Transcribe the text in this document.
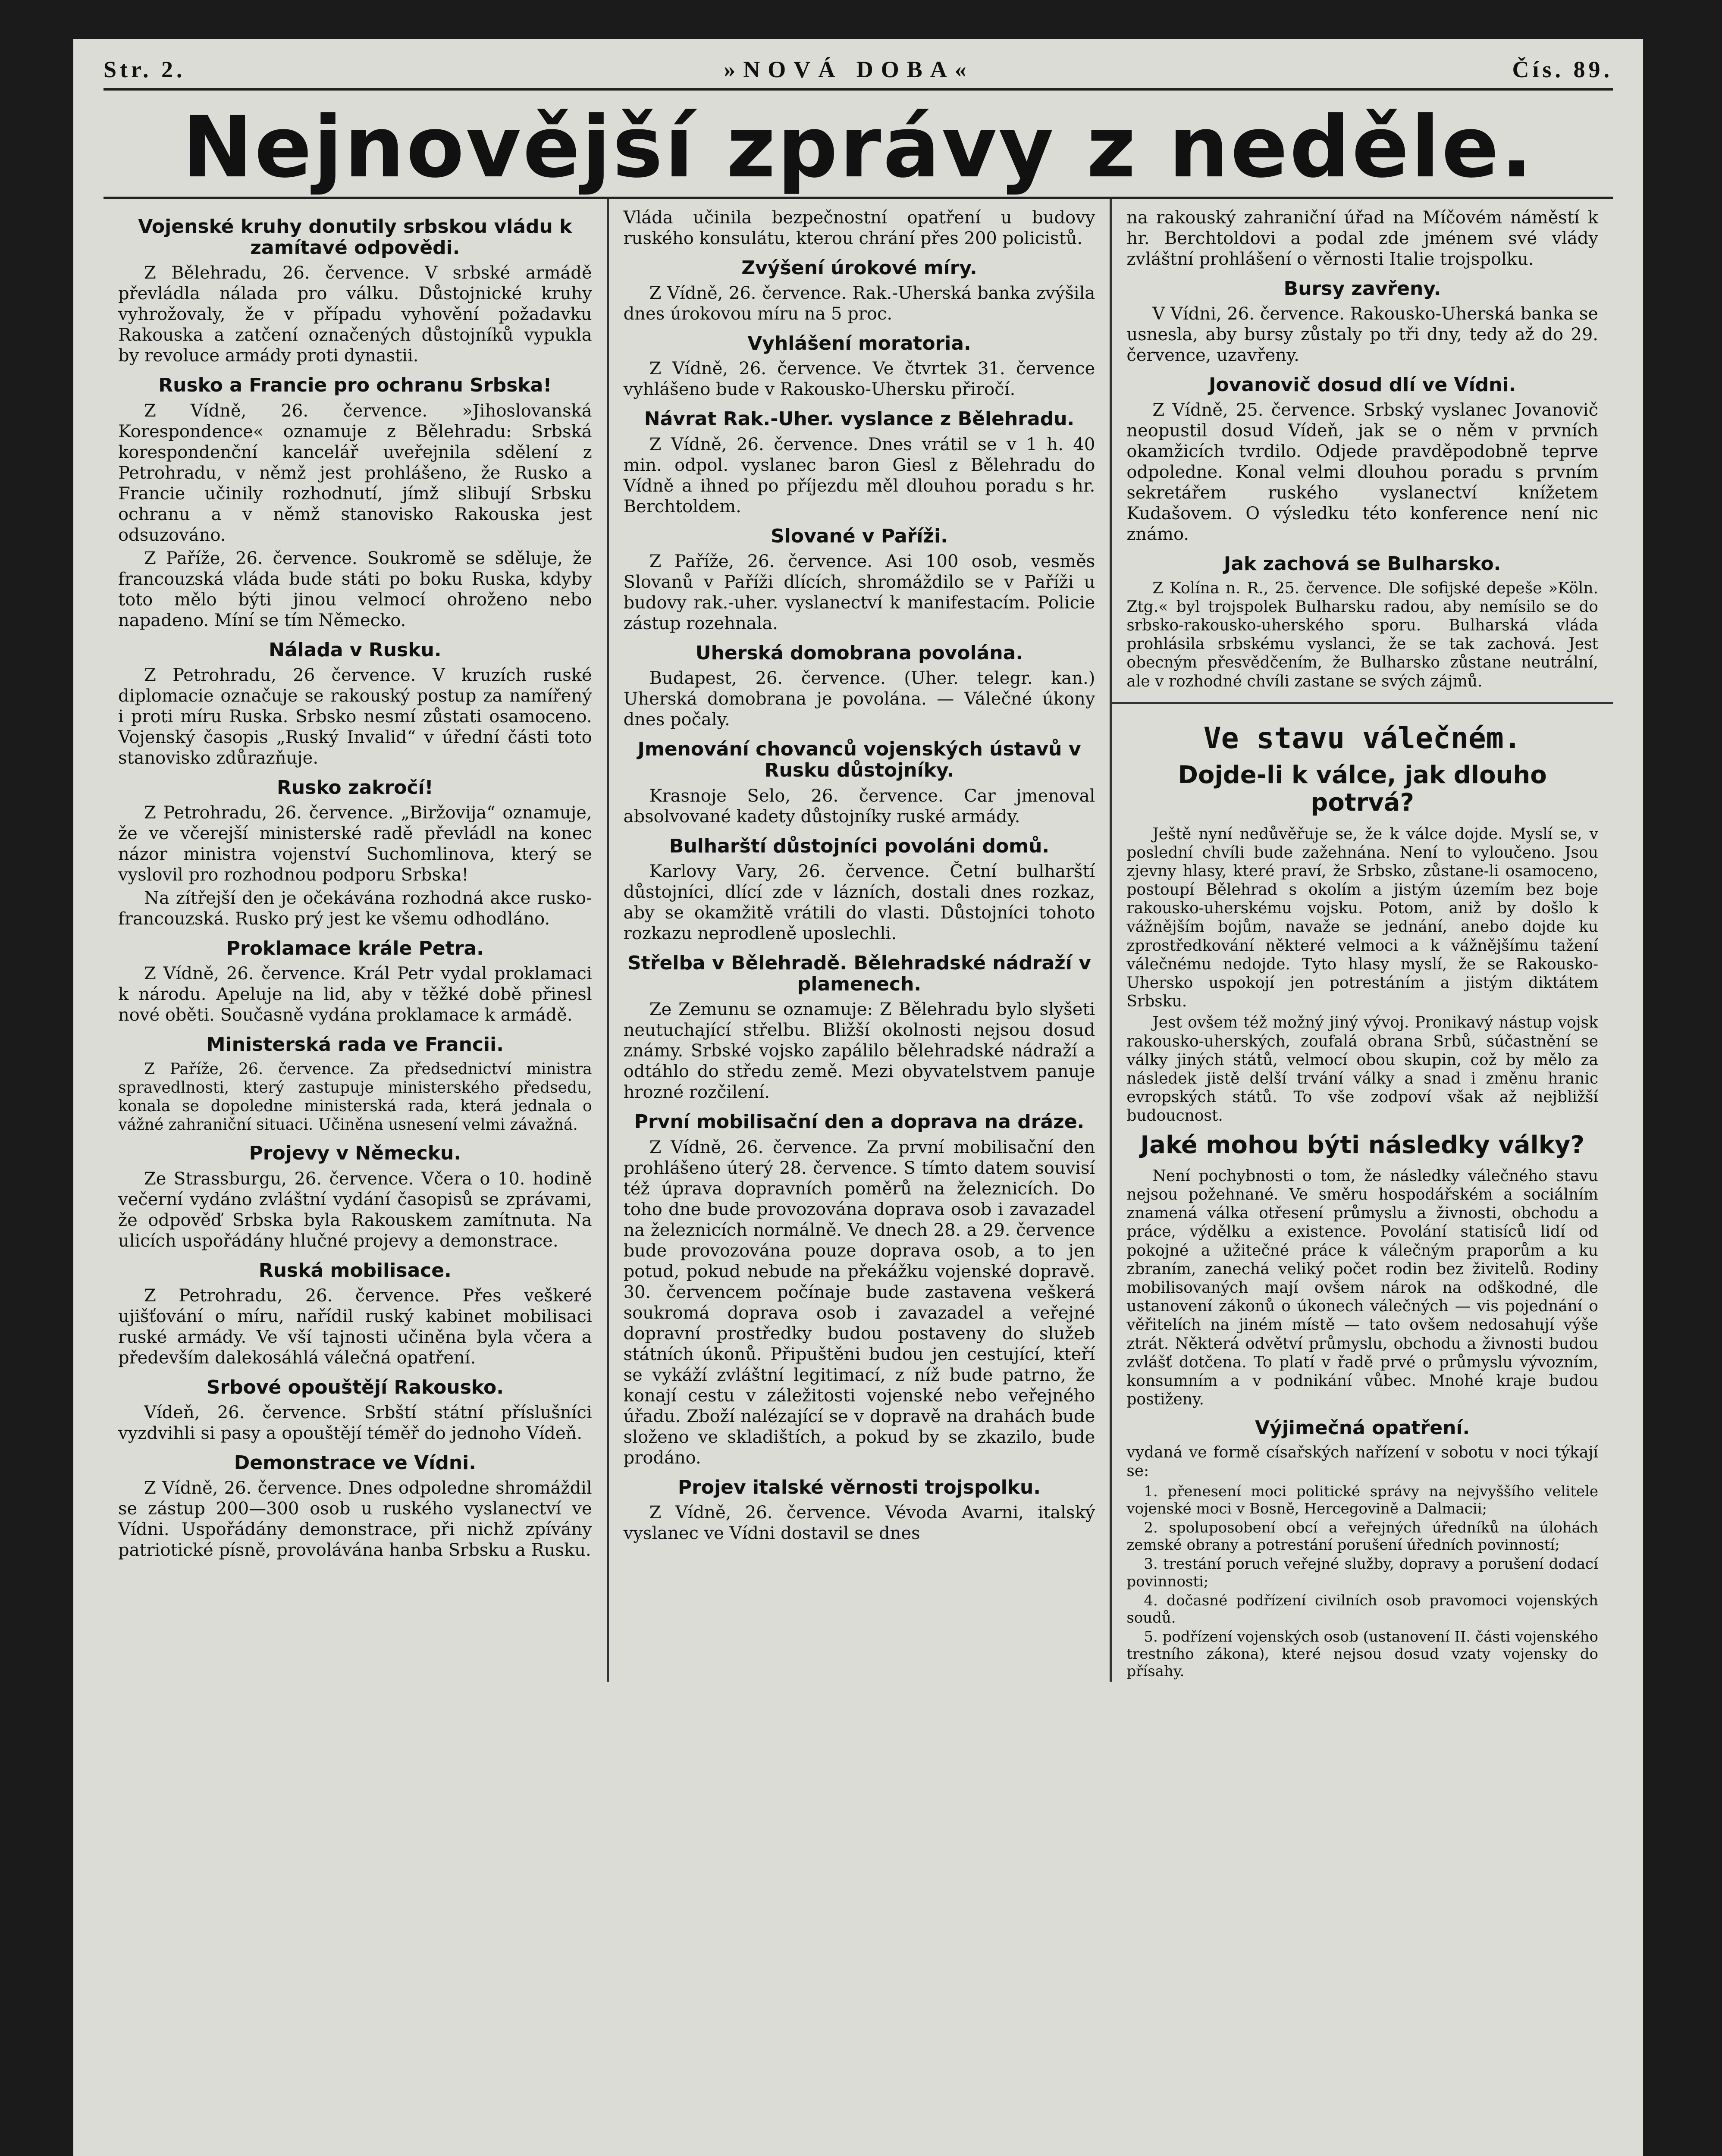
Str. 2.	»NOVÁ DOBA«	Čís. 89.
Nejnovější zprávy z neděle.
Vojenské kruhy donutily srbskou vládu k zamítavé odpovědi.

Z Bělehradu, 26. července. V srbské armádě převládla nálada pro válku. Důstojnické kruhy vyhrožovaly, že v případu vyhovění požadavku Rakouska a zatčení označených důstojníků vypukla by revoluce armády proti dynastii.

Rusko a Francie pro ochranu Srbska!

Z Vídně, 26. července. »Jihoslovanská Korespondence« oznamuje z Bělehradu: Srbská korespondenční kancelář uveřejnila sdělení z Petrohradu, v němž jest prohlášeno, že Rusko a Francie učinily rozhodnutí, jímž slibují Srbsku ochranu a v němž stanovisko Rakouska jest odsuzováno.

Z Paříže, 26. července. Soukromě se sděluje, že francouzská vláda bude státi po boku Ruska, kdyby toto mělo býti jinou velmocí ohroženo nebo napadeno. Míní se tím Německo.

Nálada v Rusku.

Z Petrohradu, 26 července. V kruzích ruské diplomacie označuje se rakouský postup za namířený i proti míru Ruska. Srbsko nesmí zůstati osamoceno. Vojenský časopis „Ruský Invalid“ v úřední části toto stanovisko zdůrazňuje.

Rusko zakročí!

Z Petrohradu, 26. července. „Biržovija“ oznamuje, že ve včerejší ministerské radě převládl na konec názor ministra vojenství Suchomlinova, který se vyslovil pro rozhodnou podporu Srbska!

Na zítřejší den je očekávána rozhodná akce rusko-francouzská. Rusko prý jest ke všemu odhodláno.

Proklamace krále Petra.

Z Vídně, 26. července. Král Petr vydal proklamaci k národu. Apeluje na lid, aby v těžké době přinesl nové oběti. Současně vydána proklamace k armádě.

Ministerská rada ve Francii.

Z Paříže, 26. července. Za předsednictví ministra spravedlnosti, který zastupuje ministerského předsedu, konala se dopoledne ministerská rada, která jednala o vážné zahraniční situaci. Učiněna usnesení velmi závažná.

Projevy v Německu.

Ze Strassburgu, 26. července. Včera o 10. hodině večerní vydáno zvláštní vydání časopisů se zprávami, že odpověď Srbska byla Rakouskem zamítnuta. Na ulicích uspořádány hlučné projevy a demonstrace.

Ruská mobilisace.

Z Petrohradu, 26. července. Přes veškeré ujišťování o míru, nařídil ruský kabinet mobilisaci ruské armády. Ve vší tajnosti učiněna byla včera a především dalekosáhlá válečná opatření.

Srbové opouštějí Rakousko.

Vídeň, 26. července. Srbští státní příslušníci vyzdvihli si pasy a opouštějí téměř do jednoho Vídeň.

Demonstrace ve Vídni.

Z Vídně, 26. července. Dnes odpoledne shromáždil se zástup 200—300 osob u ruského vyslanectví ve Vídni. Uspořádány demonstrace, při nichž zpívány patriotické písně, provolávána hanba Srbsku a Rusku.

Vláda učinila bezpečnostní opatření u budovy ruského konsulátu, kterou chrání přes 200 policistů.

Zvýšení úrokové míry.

Z Vídně, 26. července. Rak.-Uherská banka zvýšila dnes úrokovou míru na 5 proc.

Vyhlášení moratoria.

Z Vídně, 26. července. Ve čtvrtek 31. července vyhlášeno bude v Rakousko-Uhersku přiročí.

Návrat Rak.-Uher. vyslance z Bělehradu.

Z Vídně, 26. července. Dnes vrátil se v 1 h. 40 min. odpol. vyslanec baron Giesl z Bělehradu do Vídně a ihned po příjezdu měl dlouhou poradu s hr. Berchtoldem.

Slované v Paříži.

Z Paříže, 26. července. Asi 100 osob, vesměs Slovanů v Paříži dlících, shromáždilo se v Paříži u budovy rak.-uher. vyslanectví k manifestacím. Policie zástup rozehnala.

Uherská domobrana povolána.

Budapest, 26. července. (Uher. telegr. kan.) Uherská domobrana je povolána. — Válečné úkony dnes počaly.

Jmenování chovanců vojenských ústavů v Rusku důstojníky.

Krasnoje Selo, 26. července. Car jmenoval absolvované kadety důstojníky ruské armády.

Bulharští důstojníci povoláni domů.

Karlovy Vary, 26. července. Četní bulharští důstojníci, dlící zde v lázních, dostali dnes rozkaz, aby se okamžitě vrátili do vlasti. Důstojníci tohoto rozkazu neprodleně uposlechli.

Střelba v Bělehradě. Bělehradské nádraží v plamenech.

Ze Zemunu se oznamuje: Z Bělehradu bylo slyšeti neutuchající střelbu. Bližší okolnosti nejsou dosud známy. Srbské vojsko zapálilo bělehradské nádraží a odtáhlo do středu země. Mezi obyvatelstvem panuje hrozné rozčilení.

První mobilisační den a doprava na dráze.

Z Vídně, 26. července. Za první mobilisační den prohlášeno úterý 28. července. S tímto datem souvisí též úprava dopravních poměrů na železnicích. Do toho dne bude provozována doprava osob i zavazadel na železnicích normálně. Ve dnech 28. a 29. července bude provozována pouze doprava osob, a to jen potud, pokud nebude na překážku vojenské dopravě. 30. červencem počínaje bude zastavena veškerá soukromá doprava osob i zavazadel a veřejné dopravní prostředky budou postaveny do služeb státních úkonů. Připuštěni budou jen cestující, kteří se vykáží zvláštní legitimací, z níž bude patrno, že konají cestu v záležitosti vojenské nebo veřejného úřadu. Zboží nalézající se v dopravě na drahách bude složeno ve skladištích, a pokud by se zkazilo, bude prodáno.

Projev italské věrnosti trojspolku.

Z Vídně, 26. července. Vévoda Avarni, italský vyslanec ve Vídni dostavil se dnes

na rakouský zahraniční úřad na Míčovém náměstí k hr. Berchtoldovi a podal zde jménem své vlády zvláštní prohlášení o věrnosti Italie trojspolku.

Bursy zavřeny.

V Vídni, 26. července. Rakousko-Uherská banka se usnesla, aby bursy zůstaly po tři dny, tedy až do 29. července, uzavřeny.

Jovanovič dosud dlí ve Vídni.

Z Vídně, 25. července. Srbský vyslanec Jovanovič neopustil dosud Vídeň, jak se o něm v prvních okamžicích tvrdilo. Odjede pravděpodobně teprve odpoledne. Konal velmi dlouhou poradu s prvním sekretářem ruského vyslanectví knížetem Kudašovem. O výsledku této konference není nic známo.

Jak zachová se Bulharsko.

Z Kolína n. R., 25. července. Dle sofijské depeše »Köln. Ztg.« byl trojspolek Bulharsku radou, aby nemísilo se do srbsko-rakousko-uherského sporu. Bulharská vláda prohlásila srbskému vyslanci, že se tak zachová. Jest obecným přesvědčením, že Bulharsko zůstane neutrální, ale v rozhodné chvíli zastane se svých zájmů.

Ve stavu válečném.
Dojde-li k válce, jak dlouho potrvá?

Ještě nyní nedůvěřuje se, že k válce dojde. Myslí se, v poslední chvíli bude zažehnána. Není to vyloučeno. Jsou zjevny hlasy, které praví, že Srbsko, zůstane-li osamoceno, postoupí Bělehrad s okolím a jistým územím bez boje rakousko-uherskému vojsku. Potom, aniž by došlo k vážnějším bojům, navaže se jednání, anebo dojde ku zprostředkování některé velmoci a k vážnějšímu tažení válečnému nedojde. Tyto hlasy myslí, že se Rakousko-Uhersko uspokojí jen potrestáním a jistým diktátem Srbsku.

Jest ovšem též možný jiný vývoj. Pronikavý nástup vojsk rakousko-uherských, zoufalá obrana Srbů, súčastnění se války jiných států, velmocí obou skupin, což by mělo za následek jistě delší trvání války a snad i změnu hranic evropských států. To vše zodpoví však až nejbližší budoucnost.

Jaké mohou býti následky války?

Není pochybnosti o tom, že následky válečného stavu nejsou požehnané. Ve směru hospodářském a sociálním znamená válka otřesení průmyslu a živnosti, obchodu a práce, výdělku a existence. Povolání statisíců lidí od pokojné a užitečné práce k válečným praporům a ku zbraním, zanechá veliký počet rodin bez živitelů. Rodiny mobilisovaných mají ovšem nárok na odškodné, dle ustanovení zákonů o úkonech válečných — vis pojednání o věřitelích na jiném místě — tato ovšem nedosahují výše ztrát. Některá odvětví průmyslu, obchodu a živnosti budou zvlášť dotčena. To platí v řadě prvé o průmyslu vývozním, konsumním a v podnikání vůbec. Mnohé kraje budou postiženy.

Výjimečná opatření.

vydaná ve formě císařských nařízení v sobotu v noci týkají se:

1. přenesení moci politické správy na nejvyššího velitele vojenské moci v Bosně, Hercegovině a Dalmacii;
2. spoluposobení obcí a veřejných úředníků na úlohách zemské obrany a potrestání porušení úředních povinností;
3. trestání poruch veřejné služby, dopravy a porušení dodací povinnosti;
4. dočasné podřízení civilních osob pravomoci vojenských soudů.
5. podřízení vojenských osob (ustanovení II. části vojenského trestního zákona), které nejsou dosud vzaty vojensky do přísahy.
